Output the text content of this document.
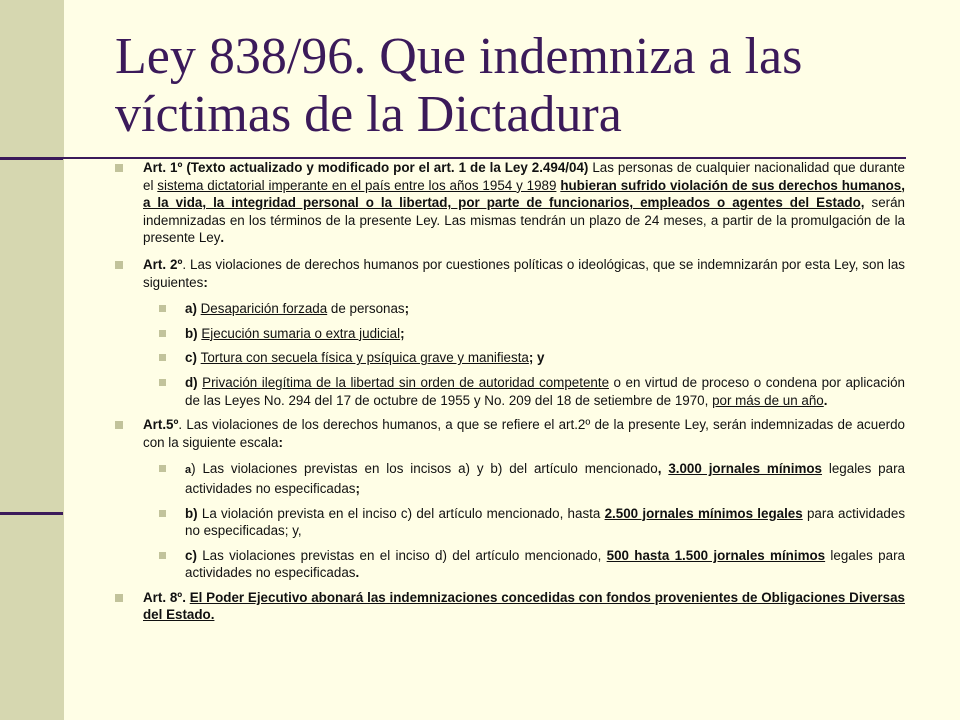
Ley 838/96. Que indemniza a las víctimas de la Dictadura
Art. 1º (Texto actualizado y modificado por el art. 1 de la Ley 2.494/04) Las personas de cualquier nacionalidad que durante el sistema dictatorial imperante en el país entre los años 1954 y 1989 hubieran sufrido violación de sus derechos humanos, a la vida, la integridad personal o la libertad, por parte de funcionarios, empleados o agentes del Estado, serán indemnizadas en los términos de la presente Ley. Las mismas tendrán un plazo de 24 meses, a partir de la promulgación de la presente Ley.
Art. 2º. Las violaciones de derechos humanos por cuestiones políticas o ideológicas, que se indemnizarán por esta Ley, son las siguientes:
a) Desaparición forzada de personas;
b) Ejecución sumaria o extra judicial;
c) Tortura con secuela física y psíquica grave y manifiesta; y
d) Privación ilegítima de la libertad sin orden de autoridad competente o en virtud de proceso o condena por aplicación de las Leyes No. 294 del 17 de octubre de 1955 y No. 209 del 18 de setiembre de 1970, por más de un año.
Art.5º. Las violaciones de los derechos humanos, a que se refiere el art.2º de la presente Ley, serán indemnizadas de acuerdo con la siguiente escala:
a) Las violaciones previstas en los incisos a) y b) del artículo mencionado, 3.000 jornales mínimos legales para actividades no especificadas;
b) La violación prevista en el inciso c) del artículo mencionado, hasta 2.500 jornales mínimos legales para actividades no especificadas; y,
c) Las violaciones previstas en el inciso d) del artículo mencionado, 500 hasta 1.500 jornales mínimos legales para actividades no especificadas.
Art. 8º. El Poder Ejecutivo abonará las indemnizaciones concedidas con fondos provenientes de Obligaciones Diversas del Estado.
